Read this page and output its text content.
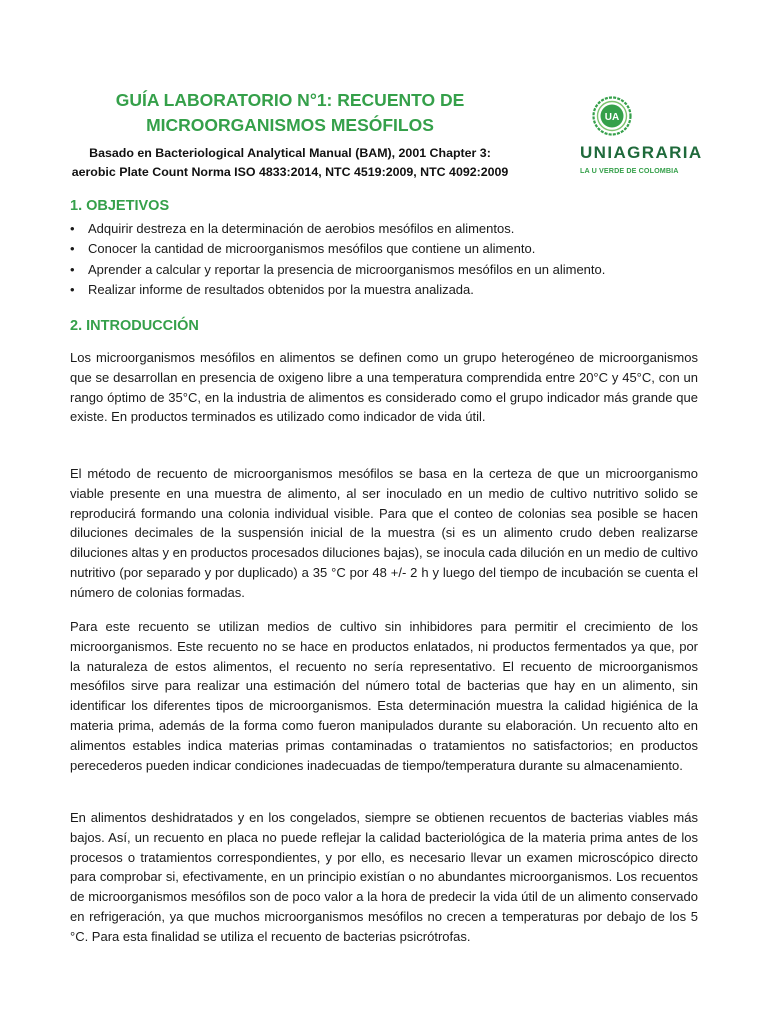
GUÍA LABORATORIO N°1: RECUENTO DE MICROORGANISMOS MESÓFILOS
Basado en Bacteriological Analytical Manual (BAM), 2001 Chapter 3: aerobic Plate Count Norma ISO 4833:2014, NTC 4519:2009, NTC 4092:2009
UA
UNIAGRARIA
LA U VERDE DE COLOMBIA
1. OBJETIVOS
• Adquirir destreza en la determinación de aerobios mesófilos en alimentos.
• Conocer la cantidad de microorganismos mesófilos que contiene un alimento.
• Aprender a calcular y reportar la presencia de microorganismos mesófilos en un alimento.
• Realizar informe de resultados obtenidos por la muestra analizada.
2. INTRODUCCIÓN

Los microorganismos mesófilos en alimentos se definen como un grupo heterogéneo de microorganismos que se desarrollan en presencia de oxigeno libre a una temperatura comprendida entre 20°C y 45°C, con un rango óptimo de 35°C, en la industria de alimentos es considerado como el grupo indicador más grande que existe. En productos terminados es utilizado como indicador de vida útil.

El método de recuento de microorganismos mesófilos se basa en la certeza de que un microorganismo viable presente en una muestra de alimento, al ser inoculado en un medio de cultivo nutritivo solido se reproducirá formando una colonia individual visible. Para que el conteo de colonias sea posible se hacen diluciones decimales de la suspensión inicial de la muestra (si es un alimento crudo deben realizarse diluciones altas y en productos procesados diluciones bajas), se inocula cada dilución en un medio de cultivo nutritivo (por separado y por duplicado) a 35 °C por 48 +/- 2 h y luego del tiempo de incubación se cuenta el número de colonias formadas.

Para este recuento se utilizan medios de cultivo sin inhibidores para permitir el crecimiento de los microorganismos. Este recuento no se hace en productos enlatados, ni productos fermentados ya que, por la naturaleza de estos alimentos, el recuento no sería representativo. El recuento de microorganismos mesófilos sirve para realizar una estimación del número total de bacterias que hay en un alimento, sin identificar los diferentes tipos de microorganismos. Esta determinación muestra la calidad higiénica de la materia prima, además de la forma como fueron manipulados durante su elaboración. Un recuento alto en alimentos estables indica materias primas contaminadas o tratamientos no satisfactorios; en productos perecederos pueden indicar condiciones inadecuadas de tiempo/temperatura durante su almacenamiento.

En alimentos deshidratados y en los congelados, siempre se obtienen recuentos de bacterias viables más bajos. Así, un recuento en placa no puede reflejar la calidad bacteriológica de la materia prima antes de los procesos o tratamientos correspondientes, y por ello, es necesario llevar un examen microscópico directo para comprobar si, efectivamente, en un principio existían o no abundantes microorganismos. Los recuentos de microorganismos mesófilos son de poco valor a la hora de predecir la vida útil de un alimento conservado en refrigeración, ya que muchos microorganismos mesófilos no crecen a temperaturas por debajo de los 5 °C. Para esta finalidad se utiliza el recuento de bacterias psicrótrofas.
